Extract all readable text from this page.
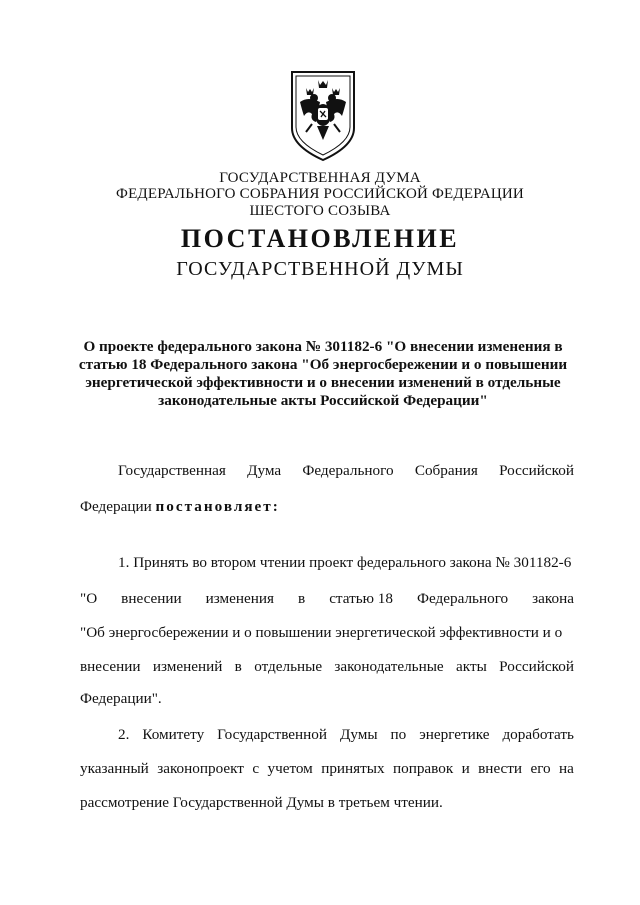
ГОСУДАРСТВЕННАЯ ДУМА
ФЕДЕРАЛЬНОГО СОБРАНИЯ РОССИЙСКОЙ ФЕДЕРАЦИИ
ШЕСТОГО СОЗЫВА
ПОСТАНОВЛЕНИЕ
ГОСУДАРСТВЕННОЙ ДУМЫ
О проекте федерального закона № 301182-6 "О внесении изменения в
статью 18 Федерального закона "Об энергосбережении и о повышении
энергетической эффективности и о внесении изменений в отдельные
законодательные акты Российской Федерации"
Государственная Дума Федерального Собрания Российской
Федерации постановляет:
1. Принять во втором чтении проект федерального закона № 301182-6
"О внесении изменения в статью 18 Федерального закона
"Об энергосбережении и о повышении энергетической эффективности и о
внесении изменений в отдельные законодательные акты Российской
Федерации".
2. Комитету Государственной Думы по энергетике доработать
указанный законопроект с учетом принятых поправок и внести его на
рассмотрение Государственной Думы в третьем чтении.
